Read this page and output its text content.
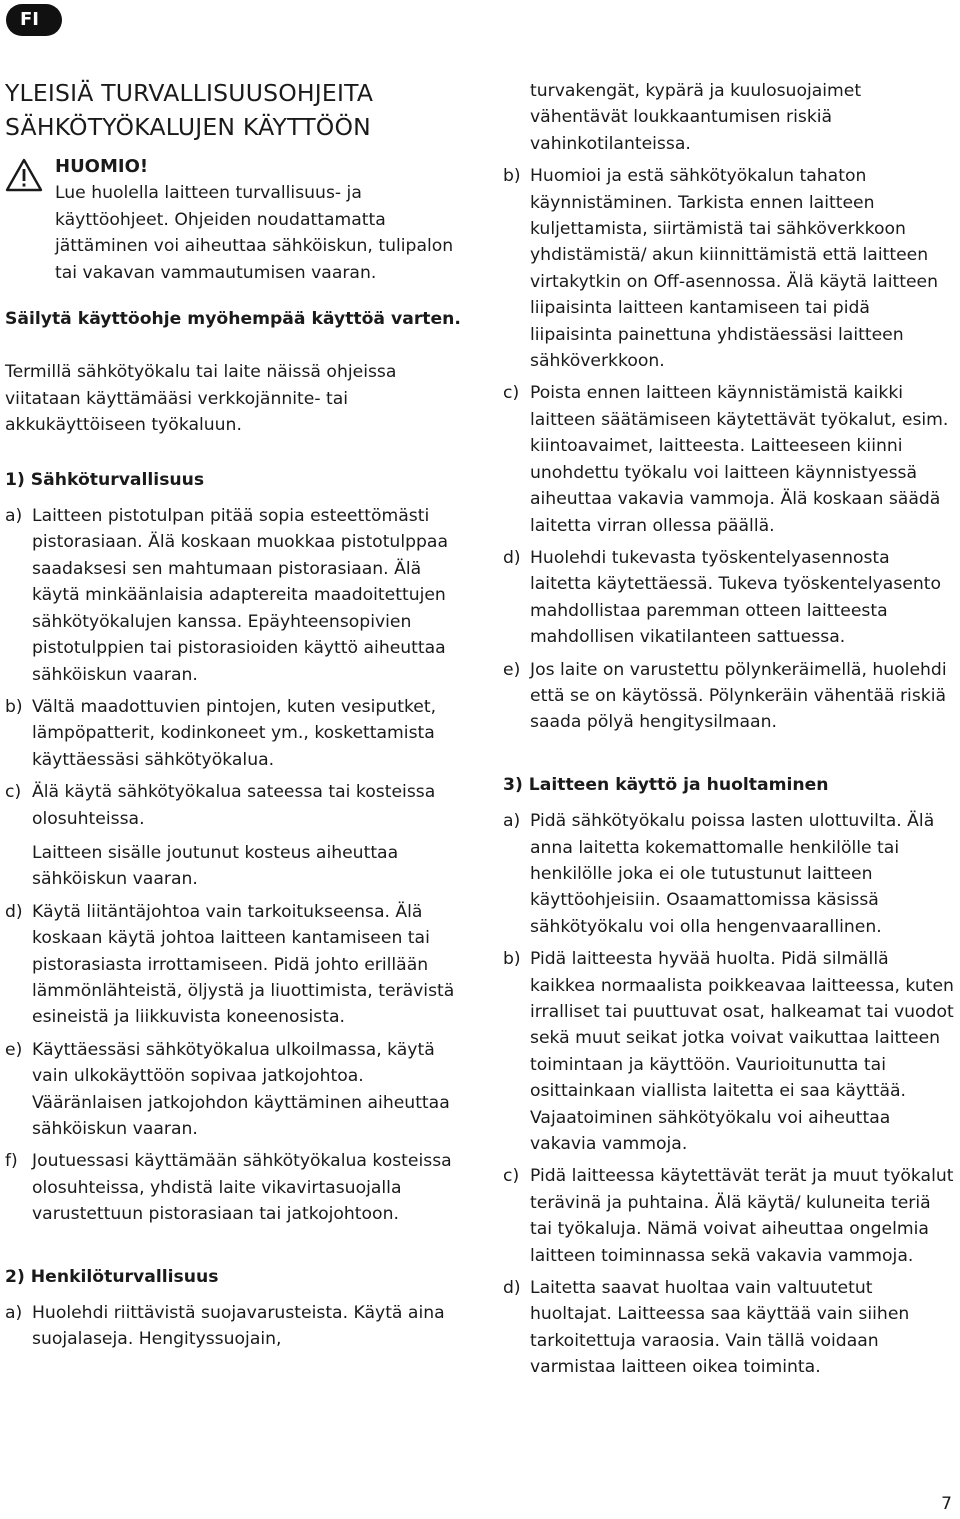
FI
YLEISIÄ TURVALLISUUSOHJEITA
SÄHKÖTYÖKALUJEN KÄYTTÖÖN
HUOMIO!

Lue huolella laitteen turvallisuus- ja käyttöohjeet. Ohjeiden noudattamatta jättäminen voi aiheuttaa sähköiskun, tulipalon tai vakavan vammautumisen vaaran.

Säilytä käyttöohje myöhempää käyttöä varten.

Termillä sähkötyökalu tai laite näissä ohjeissa viitataan käyttämääsi verkkojännite- tai akkukäyttöiseen työkaluun.

1) Sähköturvallisuus
a) Laitteen pistotulpan pitää sopia esteettömästi pistorasiaan. Älä koskaan muokkaa pistotulppaa saadaksesi sen mahtumaan pistorasiaan. Älä käytä minkäänlaisia adaptereita maadoitettujen sähkötyökalujen kanssa. Epäyhteensopivien pistotulppien tai pistorasioiden käyttö aiheuttaa sähköiskun vaaran.
b) Vältä maadottuvien pintojen, kuten vesiputket, lämpöpatterit, kodinkoneet ym., koskettamista käyttäessäsi sähkötyökalua.
c) Älä käytä sähkötyökalua sateessa tai kosteissa olosuhteissa.

Laitteen sisälle joutunut kosteus aiheuttaa sähköiskun vaaran.

d) Käytä liitäntäjohtoa vain tarkoitukseensa. Älä koskaan käytä johtoa laitteen kantamiseen tai pistorasiasta irrottamiseen. Pidä johto erillään lämmönlähteistä, öljystä ja liuottimista, terävistä esineistä ja liikkuvista koneenosista.
e) Käyttäessäsi sähkötyökalua ulkoilmassa, käytä vain ulkokäyttöön sopivaa jatkojohtoa. Vääränlaisen jatkojohdon käyttäminen aiheuttaa sähköiskun vaaran.
f) Joutuessasi käyttämään sähkötyökalua kosteissa olosuhteissa, yhdistä laite vikavirtasuojalla varustettuun pistorasiaan tai jatkojohtoon.
2) Henkilöturvallisuus
a) Huolehdi riittävistä suojavarusteista. Käytä aina suojalaseja. Hengityssuojain,

turvakengät, kypärä ja kuulosuojaimet vähentävät loukkaantumisen riskiä vahinkotilanteissa.

b) Huomioi ja estä sähkötyökalun tahaton käynnistäminen. Tarkista ennen laitteen kuljettamista, siirtämistä tai sähköverkkoon yhdistämistä/ akun kiinnittämistä että laitteen virtakytkin on Off-asennossa. Älä käytä laitteen liipaisinta laitteen kantamiseen tai pidä liipaisinta painettuna yhdistäessäsi laitteen sähköverkkoon.
c) Poista ennen laitteen käynnistämistä kaikki laitteen säätämiseen käytettävät työkalut, esim. kiintoavaimet, laitteesta. Laitteeseen kiinni unohdettu työkalu voi laitteen käynnistyessä aiheuttaa vakavia vammoja. Älä koskaan säädä laitetta virran ollessa päällä.
d) Huolehdi tukevasta työskentelyasennosta laitetta käytettäessä. Tukeva työskentelyasento mahdollistaa paremman otteen laitteesta mahdollisen vikatilanteen sattuessa.
e) Jos laite on varustettu pölynkeräimellä, huolehdi että se on käytössä. Pölynkeräin vähentää riskiä saada pölyä hengitysilmaan.
3) Laitteen käyttö ja huoltaminen
a) Pidä sähkötyökalu poissa lasten ulottuvilta. Älä anna laitetta kokemattomalle henkilölle tai henkilölle joka ei ole tutustunut laitteen käyttöohjeisiin. Osaamattomissa käsissä sähkötyökalu voi olla hengenvaarallinen.
b) Pidä laitteesta hyvää huolta. Pidä silmällä kaikkea normaalista poikkeavaa laitteessa, kuten irralliset tai puuttuvat osat, halkeamat tai vuodot sekä muut seikat jotka voivat vaikuttaa laitteen toimintaan ja käyttöön. Vaurioitunutta tai osittainkaan viallista laitetta ei saa käyttää. Vajaatoiminen sähkötyökalu voi aiheuttaa vakavia vammoja.
c) Pidä laitteessa käytettävät terät ja muut työkalut terävinä ja puhtaina. Älä käytä/ kuluneita teriä tai työkaluja. Nämä voivat aiheuttaa ongelmia laitteen toiminnassa sekä vakavia vammoja.
d) Laitetta saavat huoltaa vain valtuutetut huoltajat. Laitteessa saa käyttää vain siihen tarkoitettuja varaosia. Vain tällä voidaan varmistaa laitteen oikea toiminta.
7
